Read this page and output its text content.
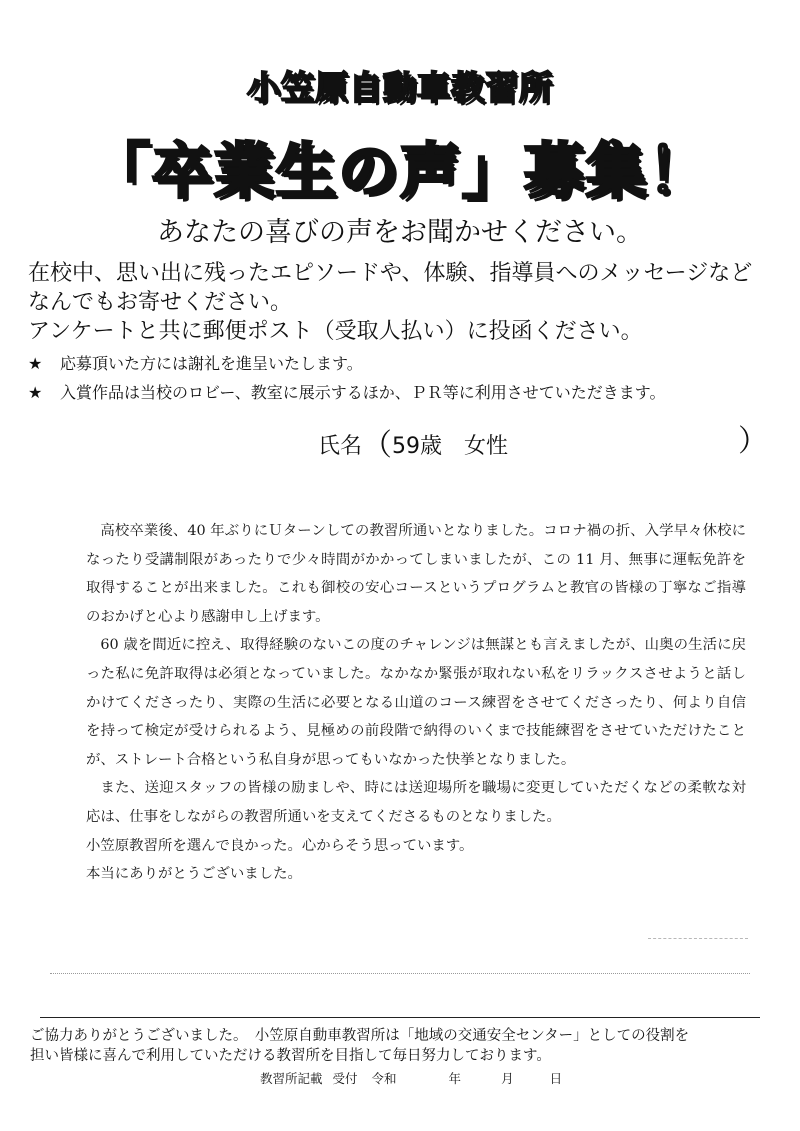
小笠原自動車教習所
「卒業生の声」募集！
あなたの喜びの声をお聞かせください。

在校中、思い出に残ったエピソードや、体験、指導員へのメッセージなど

なんでもお寄せください。

アンケートと共に郵便ポスト（受取人払い）に投函ください。

★ 応募頂いた方には謝礼を進呈いたします。
★ 入賞作品は当校のロビー、教室に展示するほか、ＰＲ等に利用させていただきます。
氏名（59歳　女性	）

高校卒業後、40 年ぶりにＵターンしての教習所通いとなりました。コロナ禍の折、入学早々休校になったり受講制限があったりで少々時間がかかってしまいましたが、この 11 月、無事に運転免許を取得することが出来ました。これも御校の安心コースというプログラムと教官の皆様の丁寧なご指導のおかげと心より感謝申し上げます。

60 歳を間近に控え、取得経験のないこの度のチャレンジは無謀とも言えましたが、山奥の生活に戻った私に免許取得は必須となっていました。なかなか緊張が取れない私をリラックスさせようと話しかけてくださったり、実際の生活に必要となる山道のコース練習をさせてくださったり、何より自信を持って検定が受けられるよう、見極めの前段階で納得のいくまで技能練習をさせていただけたことが、ストレート合格という私自身が思ってもいなかった快挙となりました。

また、送迎スタッフの皆様の励ましや、時には送迎場所を職場に変更していただくなどの柔軟な対応は、仕事をしながらの教習所通いを支えてくださるものとなりました。

小笠原教習所を選んで良かった。心からそう思っています。

本当にありがとうございました。

ご協力ありがとうございました。　小笠原自動車教習所は「地域の交通安全センター」としての役割を

担い皆様に喜んで利用していただける教習所を目指して毎日努力しております。

教習所記載 受付 令和	年	月	日
